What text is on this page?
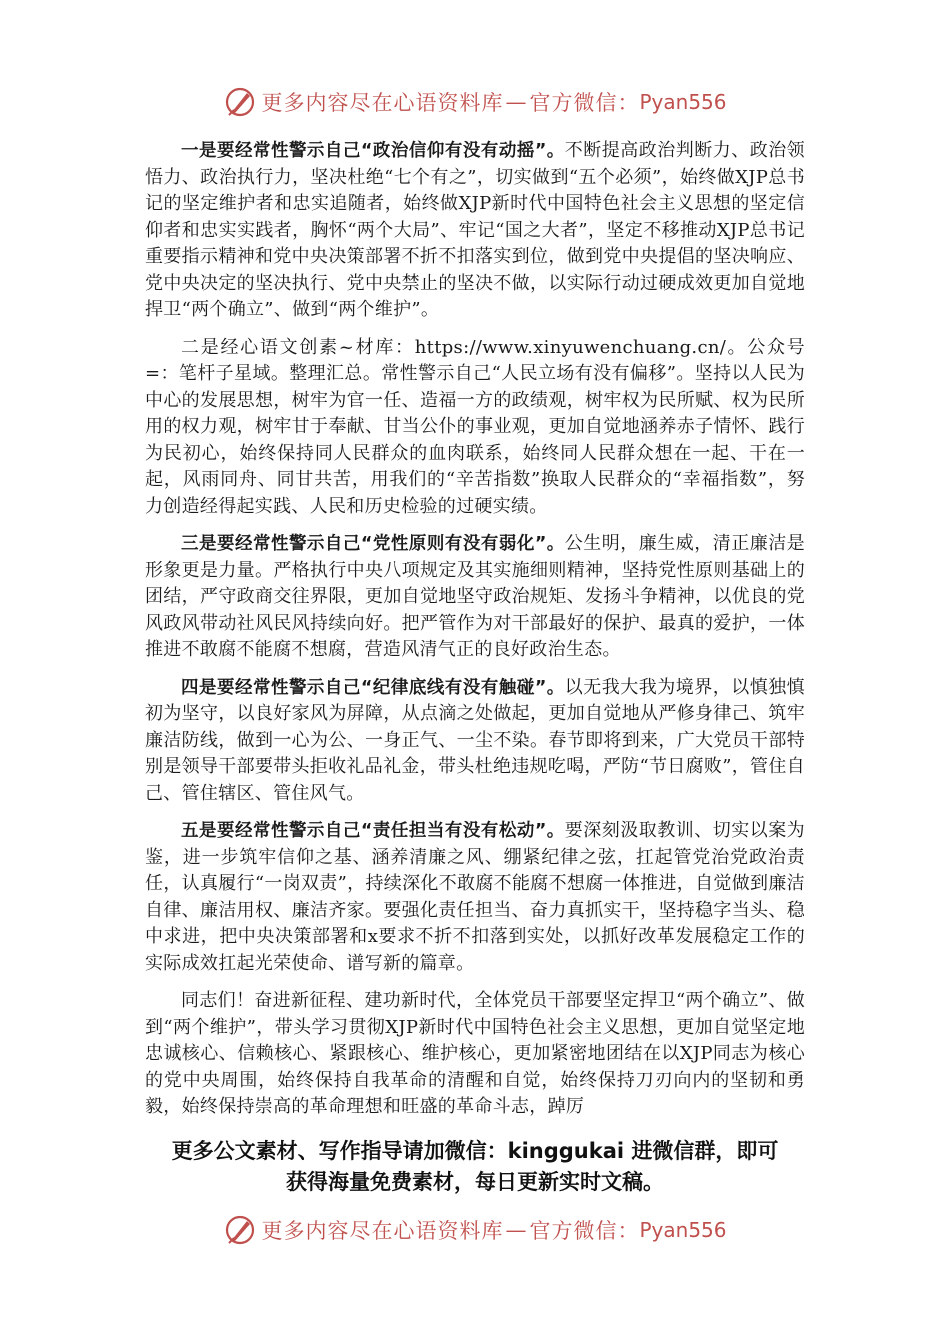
更多内容尽在心语资料库 — 官方微信： Pyan556

一是要经常性警示自己“政治信仰有没有动摇”。不断提高政治判断力、政治领悟力、政治执行力，坚决杜绝“七个有之”，切实做到“五个必须”，始终做XJP总书记的坚定维护者和忠实追随者，始终做XJP新时代中国特色社会主义思想的坚定信仰者和忠实实践者，胸怀“两个大局”、牢记“国之大者”，坚定不移推动XJP总书记重要指示精神和党中央决策部署不折不扣落实到位，做到党中央提倡的坚决响应、党中央决定的坚决执行、党中央禁止的坚决不做，以实际行动过硬成效更加自觉地捍卫“两个确立”、做到“两个维护”。

二是经心语文创素~材库：https://www.xinyuwenchuang.cn/。公众号=：笔杆子星域。整理汇总。常性警示自己“人民立场有没有偏移”。坚持以人民为中心的发展思想，树牢为官一任、造福一方的政绩观，树牢权为民所赋、权为民所用的权力观，树牢甘于奉献、甘当公仆的事业观，更加自觉地涵养赤子情怀、践行为民初心，始终保持同人民群众的血肉联系，始终同人民群众想在一起、干在一起，风雨同舟、同甘共苦，用我们的“辛苦指数”换取人民群众的“幸福指数”，努力创造经得起实践、人民和历史检验的过硬实绩。

三是要经常性警示自己“党性原则有没有弱化”。公生明，廉生威，清正廉洁是形象更是力量。严格执行中央八项规定及其实施细则精神，坚持党性原则基础上的团结，严守政商交往界限，更加自觉地坚守政治规矩、发扬斗争精神，以优良的党风政风带动社风民风持续向好。把严管作为对干部最好的保护、最真的爱护，一体推进不敢腐不能腐不想腐，营造风清气正的良好政治生态。

四是要经常性警示自己“纪律底线有没有触碰”。以无我大我为境界，以慎独慎初为坚守，以良好家风为屏障，从点滴之处做起，更加自觉地从严修身律己、筑牢廉洁防线，做到一心为公、一身正气、一尘不染。春节即将到来，广大党员干部特别是领导干部要带头拒收礼品礼金，带头杜绝违规吃喝，严防“节日腐败”，管住自己、管住辖区、管住风气。

五是要经常性警示自己“责任担当有没有松动”。要深刻汲取教训、切实以案为鉴，进一步筑牢信仰之基、涵养清廉之风、绷紧纪律之弦，扛起管党治党政治责任，认真履行“一岗双责”，持续深化不敢腐不能腐不想腐一体推进，自觉做到廉洁自律、廉洁用权、廉洁齐家。要强化责任担当、奋力真抓实干，坚持稳字当头、稳中求进，把中央决策部署和x要求不折不扣落到实处，以抓好改革发展稳定工作的实际成效扛起光荣使命、谱写新的篇章。

同志们！奋进新征程、建功新时代，全体党员干部要坚定捍卫“两个确立”、做到“两个维护”，带头学习贯彻XJP新时代中国特色社会主义思想，更加自觉坚定地忠诚核心、信赖核心、紧跟核心、维护核心，更加紧密地团结在以XJP同志为核心的党中央周围，始终保持自我革命的清醒和自觉，始终保持刀刃向内的坚韧和勇毅，始终保持崇高的革命理想和旺盛的革命斗志，踔厉

更多公文素材、写作指导请加微信：kinggukai 进微信群，即可
获得海量免费素材，每日更新实时文稿。
更多内容尽在心语资料库 — 官方微信： Pyan556
